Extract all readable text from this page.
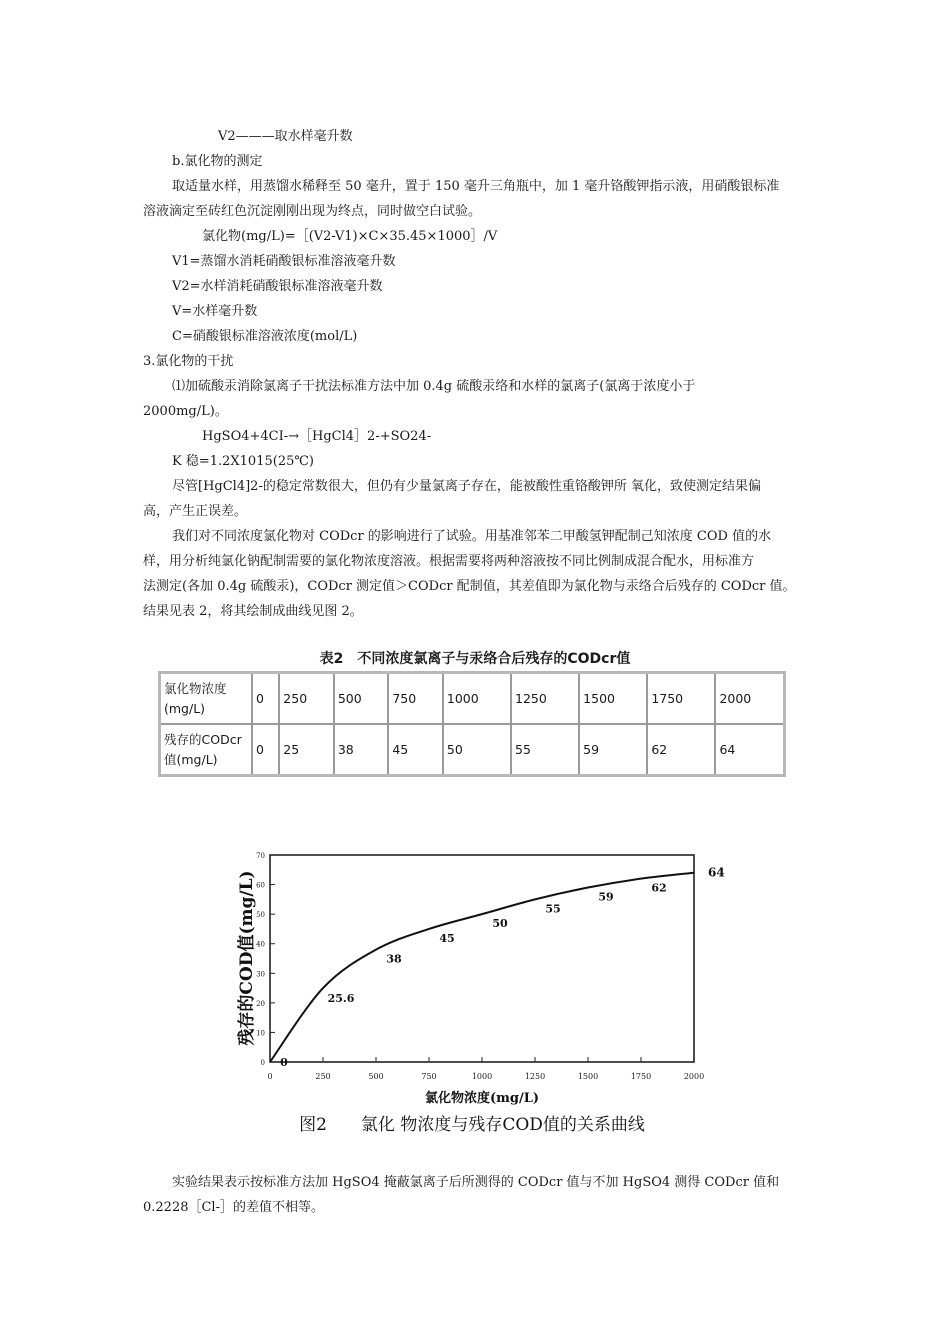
V2———取水样毫升数
b.氯化物的测定
取适量水样，用蒸馏水稀释至 50 毫升，置于 150 毫升三角瓶中，加 1 毫升铬酸钾指示液，用硝酸银标准
溶液滴定至砖红色沉淀刚刚出现为终点，同时做空白试验。
氯化物(mg/L)=［(V2-V1)×C×35.45×1000］/V
V1=蒸馏水消耗硝酸银标准溶液毫升数
V2=水样消耗硝酸银标准溶液毫升数
V=水样毫升数
C=硝酸银标准溶液浓度(mol/L)
3.氯化物的干扰
⑴加硫酸汞消除氯离子干扰法标准方法中加 0.4g 硫酸汞络和水样的氯离子(氯离于浓度小于
2000mg/L)。
HgSO4+4CI-→［HgCl4］2-+SO24-
K 稳=1.2X1015(25℃)
尽管[HgCl4]2-的稳定常数很大，但仍有少量氯离子存在，能被酸性重铬酸钾所 氧化，致使测定结果偏
高，产生正误差。
我们对不同浓度氯化物对 CODcr 的影响进行了试验。用基准邻苯二甲酸氢钾配制己知浓度 COD 值的水
样，用分析纯氯化钠配制需要的氯化物浓度溶液。根据需要将两种溶液按不同比例制成混合配水，用标准方
法测定(各加 0.4g 硫酸汞)，CODcr 测定值＞CODcr 配制值，其差值即为氯化物与汞络合后残存的 CODcr 值。
结果见表 2，将其绘制成曲线见图 2。
表2　不同浓度氯离子与汞络合后残存的CODcr值
氯化物浓度(mg/L)	0	250	500	750	1000	1250	1500	1750	2000
残存的CODcr值(mg/L)	0	25	38	45	50	55	59	62	64
残存的COD值(mg/L)
0
10
20
30
40
50
60
70
0	250	500	750	1000	1250	1500	1750	2000
0
25.6
38
45
50
55
59
62
64
氯化物浓度(mg/L)
图2　　氯化 物浓度与残存COD值的关系曲线
实验结果表示按标准方法加 HgSO4 掩蔽氯离子后所测得的 CODcr 值与不加 HgSO4 测得 CODcr 值和
0.2228［Cl-］的差值不相等。
